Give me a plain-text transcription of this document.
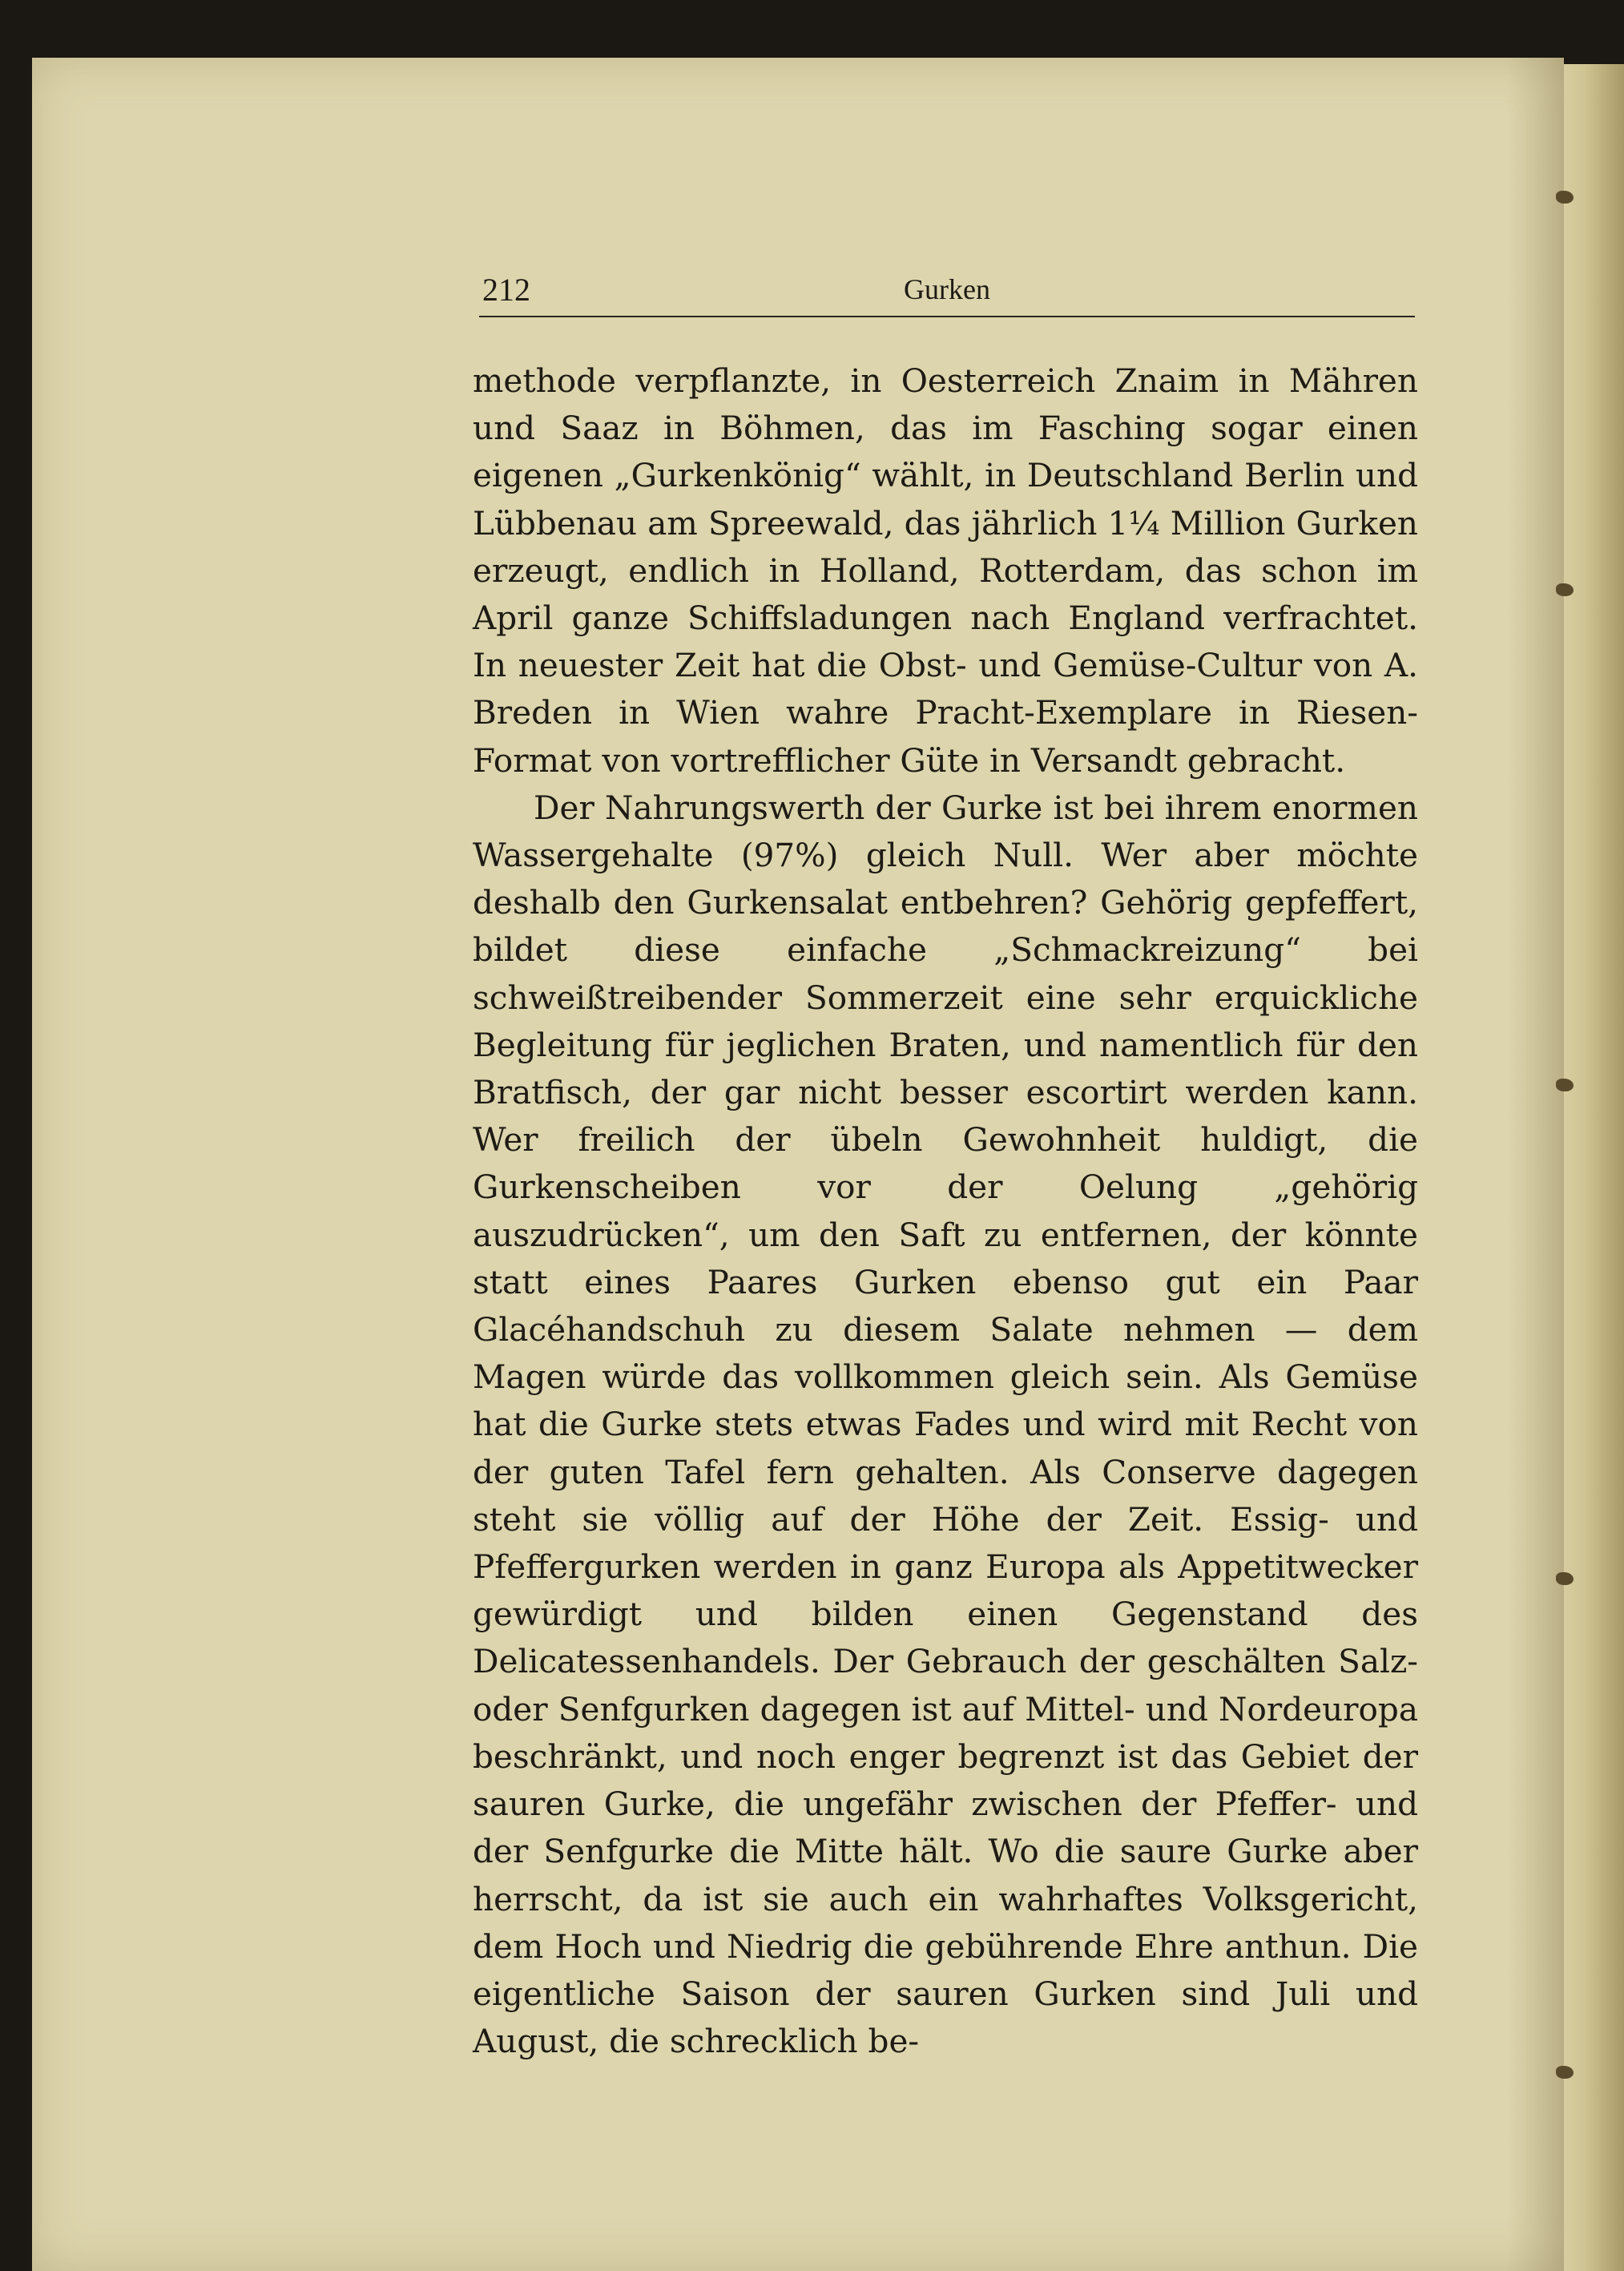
212	Gurken

methode verpflanzte, in Oesterreich Znaim in Mähren und Saaz in Böhmen, das im Fasching sogar einen eigenen „Gurkenkönig“ wählt, in Deutschland Berlin und Lübbenau am Spreewald, das jährlich 1¼ Million Gurken erzeugt, endlich in Holland, Rotterdam, das schon im April ganze Schiffsladungen nach England verfrachtet. In neuester Zeit hat die Obst- und Gemüse-Cultur von A. Breden in Wien wahre Pracht-Exemplare in Riesen-Format von vortrefflicher Güte in Versandt gebracht.

Der Nahrungswerth der Gurke ist bei ihrem enormen Wassergehalte (97%) gleich Null. Wer aber möchte deshalb den Gurkensalat entbehren? Gehörig gepfeffert, bildet diese einfache „Schmackreizung“ bei schweißtreibender Sommerzeit eine sehr erquickliche Begleitung für jeglichen Braten, und namentlich für den Bratfisch, der gar nicht besser escortirt werden kann. Wer freilich der übeln Gewohnheit huldigt, die Gurkenscheiben vor der Oelung „gehörig auszudrücken“, um den Saft zu entfernen, der könnte statt eines Paares Gurken ebenso gut ein Paar Glacéhandschuh zu diesem Salate nehmen — dem Magen würde das vollkommen gleich sein. Als Gemüse hat die Gurke stets etwas Fades und wird mit Recht von der guten Tafel fern gehalten. Als Conserve dagegen steht sie völlig auf der Höhe der Zeit. Essig- und Pfeffergurken werden in ganz Europa als Appetitwecker gewürdigt und bilden einen Gegenstand des Delicatessenhandels. Der Gebrauch der geschälten Salz- oder Senfgurken dagegen ist auf Mittel- und Nordeuropa beschränkt, und noch enger begrenzt ist das Gebiet der sauren Gurke, die ungefähr zwischen der Pfeffer- und der Senfgurke die Mitte hält. Wo die saure Gurke aber herrscht, da ist sie auch ein wahrhaftes Volksgericht, dem Hoch und Niedrig die gebührende Ehre anthun. Die eigentliche Saison der sauren Gurken sind Juli und August, die schrecklich be-
